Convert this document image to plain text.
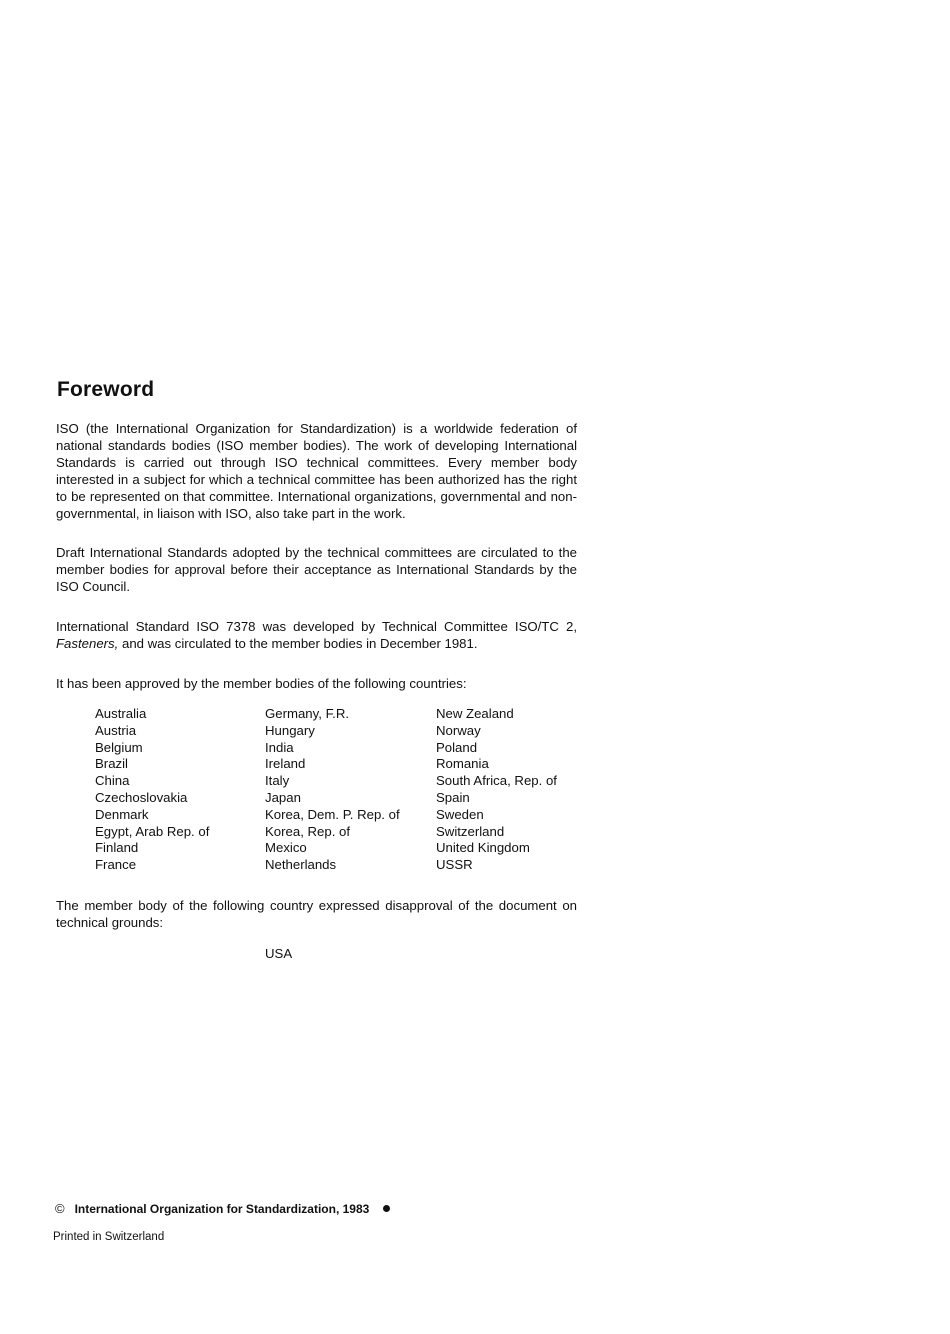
Foreword

ISO (the International Organization for Standardization) is a worldwide federation of national standards bodies (ISO member bodies). The work of developing International Standards is carried out through ISO technical committees. Every member body interested in a subject for which a technical committee has been authorized has the right to be represented on that committee. International organizations, governmental and non-governmental, in liaison with ISO, also take part in the work.

Draft International Standards adopted by the technical committees are circulated to the member bodies for approval before their acceptance as International Standards by the ISO Council.

International Standard ISO 7378 was developed by Technical Committee ISO/TC 2, Fasteners, and was circulated to the member bodies in December 1981.

It has been approved by the member bodies of the following countries:

Australia	Germany, F.R.	New Zealand
Austria	Hungary	Norway
Belgium	India	Poland
Brazil	Ireland	Romania
China	Italy	South Africa, Rep. of
Czechoslovakia	Japan	Spain
Denmark	Korea, Dem. P. Rep. of	Sweden
Egypt, Arab Rep. of	Korea, Rep. of	Switzerland
Finland	Mexico	United Kingdom
France	Netherlands	USSR

The member body of the following country expressed disapproval of the document on technical grounds:

USA
© International Organization for Standardization, 1983
Printed in Switzerland
